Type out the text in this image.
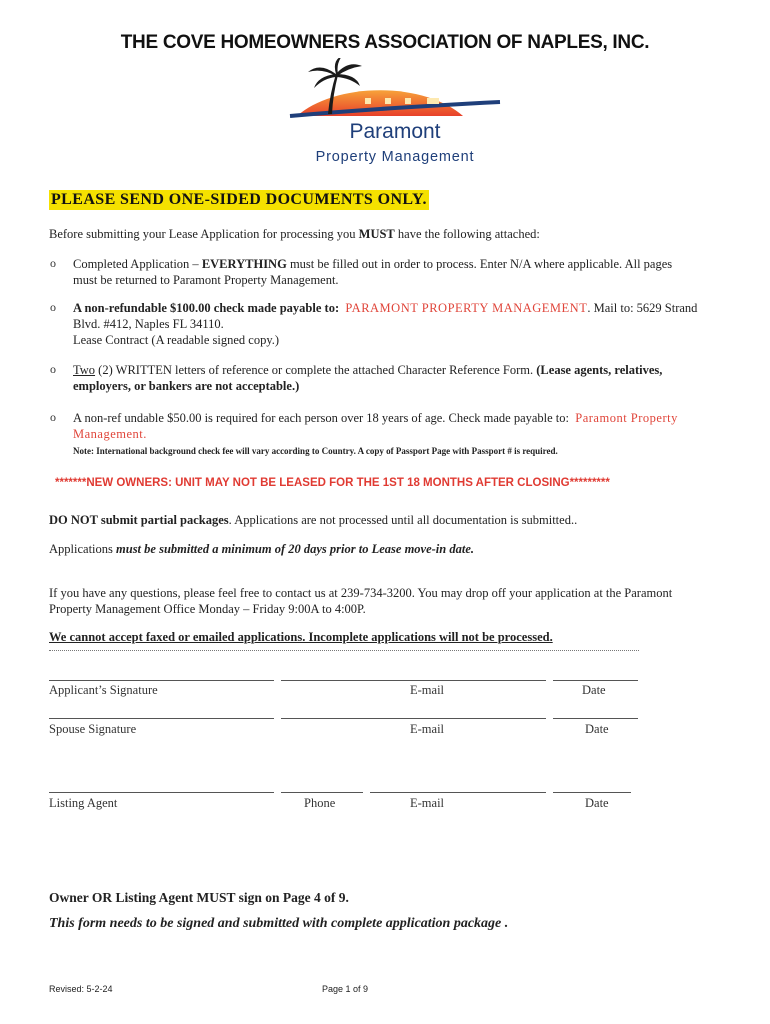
THE COVE HOMEOWNERS ASSOCIATION OF NAPLES, INC.
Paramont
Property Management
PLEASE SEND ONE-SIDED DOCUMENTS ONLY.
Before submitting your Lease Application for processing you MUST have the following attached:
o Completed Application – EVERYTHING must be filled out in order to process. Enter N/A where applicable. All pages
must be returned to Paramont Property Management.
o A non-refundable $100.00 check made payable to: PARAMONT PROPERTY MANAGEMENT. Mail to: 5629 Strand
Blvd. #412, Naples FL 34110.
Lease Contract (A readable signed copy.)
o Two (2) WRITTEN letters of reference or complete the attached Character Reference Form. (Lease agents, relatives,
employers, or bankers are not acceptable.)
o A non-ref undable $50.00 is required for each person over 18 years of age. Check made payable to: Paramont Property
Management.
Note: International background check fee will vary according to Country. A copy of Passport Page with Passport # is required.
*******NEW OWNERS: UNIT MAY NOT BE LEASED FOR THE 1ST 18 MONTHS AFTER CLOSING*********
DO NOT submit partial packages. Applications are not processed until all documentation is submitted..
Applications must be submitted a minimum of 20 days prior to Lease move-in date.
If you have any questions, please feel free to contact us at 239-734-3200. You may drop off your application at the Paramont
Property Management Office Monday – Friday 9:00A to 4:00P.
We cannot accept faxed or emailed applications. Incomplete applications will not be processed.
Applicant’s Signature	E-mail	Date
Spouse Signature	E-mail	Date
Listing Agent	Phone	E-mail	Date
Owner OR Listing Agent MUST sign on Page 4 of 9.
This form needs to be signed and submitted with complete application package .
Revised: 5-2-24	Page 1 of 9
